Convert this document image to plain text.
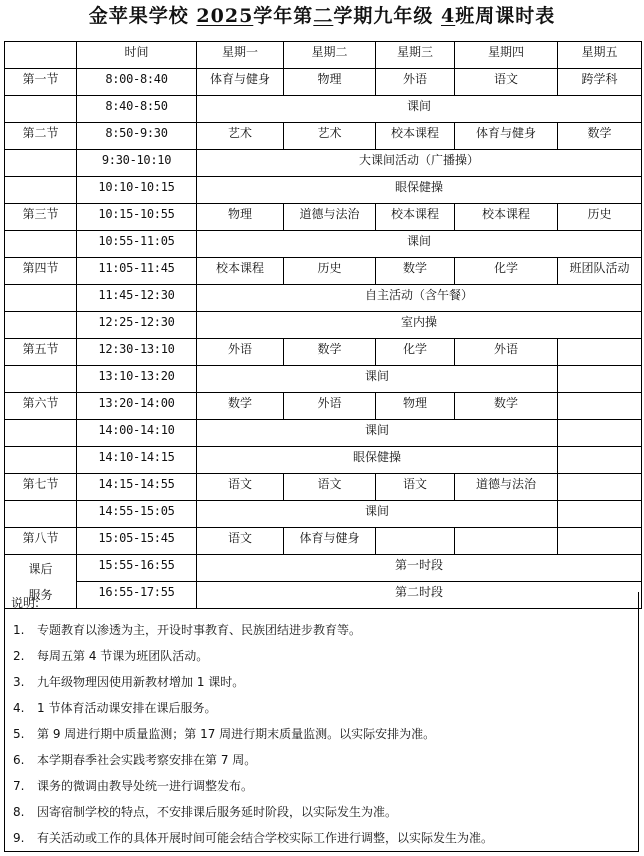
金苹果学校 2025学年第二学期九年级 4班周课时表
	时间	星期一	星期二	星期三	星期四	星期五
第一节	8:00-8:40	体育与健身	物理	外语	语文	跨学科
	8:40-8:50	课间				
第二节	8:50-9:30	艺术	艺术	校本课程	体育与健身	数学
	9:30-10:10	大课间活动（广播操）				
	10:10-10:15	眼保健操				
第三节	10:15-10:55	物理	道德与法治	校本课程	校本课程	历史
	10:55-11:05	课间				
第四节	11:05-11:45	校本课程	历史	数学	化学	班团队活动
	11:45-12:30	自主活动（含午餐）				
	12:25-12:30	室内操				
第五节	12:30-13:10	外语	数学	化学	外语	
	13:10-13:20	课间				
第六节	13:20-14:00	数学	外语	物理	数学	
	14:00-14:10	课间				
	14:10-14:15	眼保健操				
第七节	14:15-14:55	语文	语文	语文	道德与法治	
	14:55-15:05	课间				
第八节	15:05-15:45	语文	体育与健身			

课后
服务	15:55-16:55	第一时段				
	16:55-17:55	第二时段				
说明:
1. 专题教育以渗透为主，开设时事教育、民族团结进步教育等。
2. 每周五第 4 节课为班团队活动。
3. 九年级物理因使用新教材增加 1 课时。
4. 1 节体育活动课安排在课后服务。
5. 第 9 周进行期中质量监测；第 17 周进行期末质量监测。以实际安排为准。
6. 本学期春季社会实践考察安排在第 7 周。
7. 课务的微调由教导处统一进行调整发布。
8. 因寄宿制学校的特点，不安排课后服务延时阶段，以实际发生为准。
9. 有关活动或工作的具体开展时间可能会结合学校实际工作进行调整，以实际发生为准。
